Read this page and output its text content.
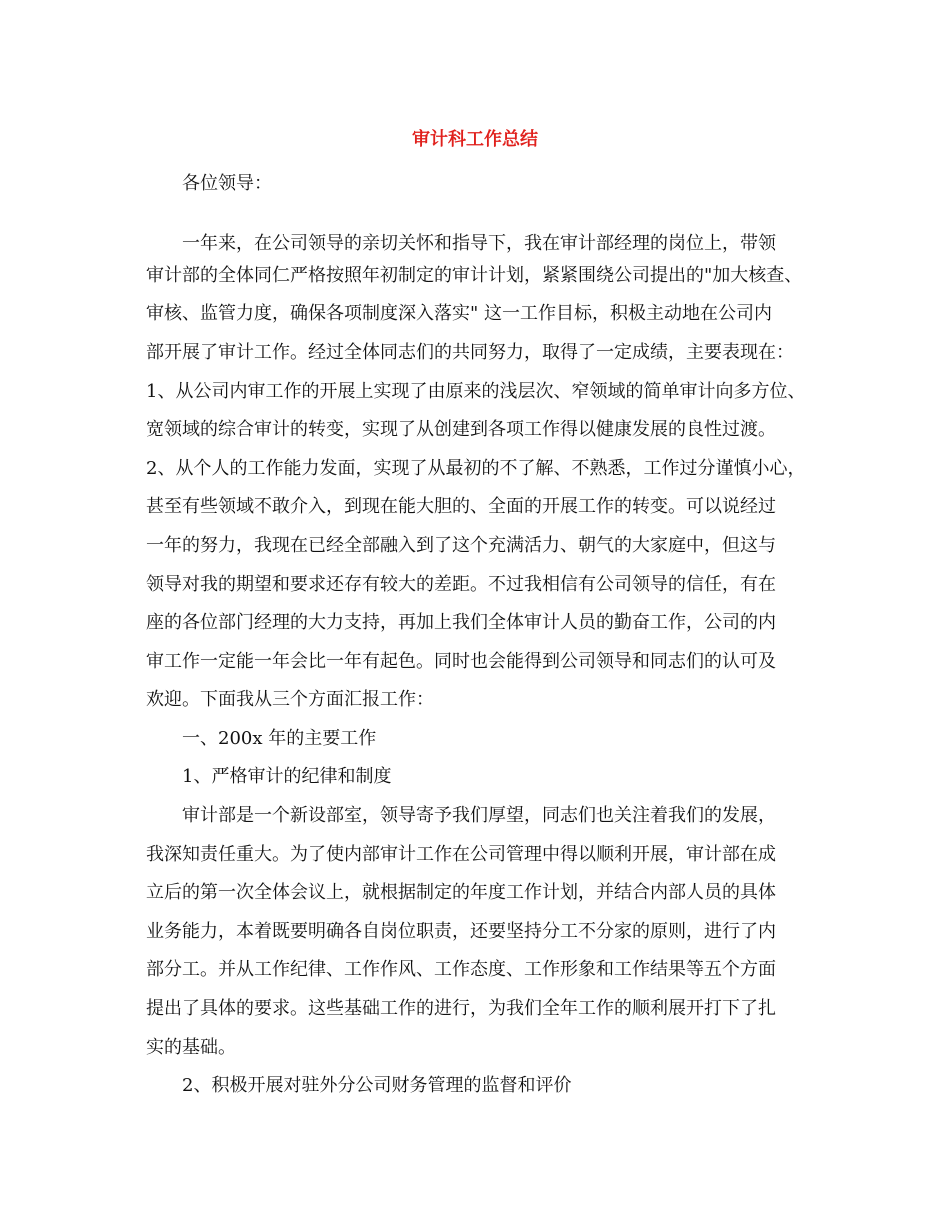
审计科工作总结

各位领导：

一年来，在公司领导的亲切关怀和指导下，我在审计部经理的岗位上，带领

审计部的全体同仁严格按照年初制定的审计计划，紧紧围绕公司提出的"加大核查、

审核、监管力度，确保各项制度深入落实" 这一工作目标，积极主动地在公司内

部开展了审计工作。经过全体同志们的共同努力，取得了一定成绩，主要表现在：

1、从公司内审工作的开展上实现了由原来的浅层次、窄领域的简单审计向多方位、

宽领域的综合审计的转变，实现了从创建到各项工作得以健康发展的良性过渡。

2、从个人的工作能力发面，实现了从最初的不了解、不熟悉，工作过分谨慎小心，

甚至有些领域不敢介入，到现在能大胆的、全面的开展工作的转变。可以说经过

一年的努力，我现在已经全部融入到了这个充满活力、朝气的大家庭中，但这与

领导对我的期望和要求还存有较大的差距。不过我相信有公司领导的信任，有在

座的各位部门经理的大力支持，再加上我们全体审计人员的勤奋工作，公司的内

审工作一定能一年会比一年有起色。同时也会能得到公司领导和同志们的认可及

欢迎。下面我从三个方面汇报工作：

一、200x 年的主要工作

1、严格审计的纪律和制度

审计部是一个新设部室，领导寄予我们厚望，同志们也关注着我们的发展，

我深知责任重大。为了使内部审计工作在公司管理中得以顺利开展，审计部在成

立后的第一次全体会议上，就根据制定的年度工作计划，并结合内部人员的具体

业务能力，本着既要明确各自岗位职责，还要坚持分工不分家的原则，进行了内

部分工。并从工作纪律、工作作风、工作态度、工作形象和工作结果等五个方面

提出了具体的要求。这些基础工作的进行，为我们全年工作的顺利展开打下了扎

实的基础。

2、积极开展对驻外分公司财务管理的监督和评价
